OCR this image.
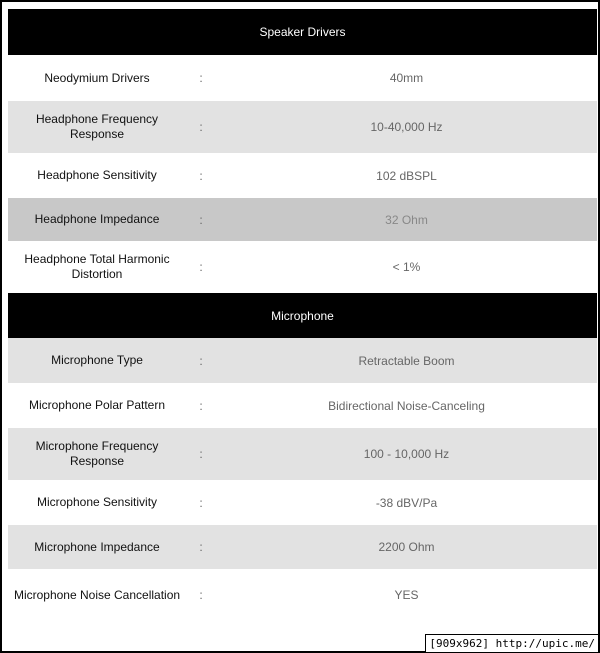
Speaker Drivers
Neodymium Drivers	:	40mm
Headphone Frequency Response	:	10-40,000 Hz
Headphone Sensitivity	:	102 dBSPL
Headphone Impedance	:	32 Ohm
Headphone Total Harmonic Distortion	:	< 1%
Microphone
Microphone Type	:	Retractable Boom
Microphone Polar Pattern	:	Bidirectional Noise-Canceling
Microphone Frequency Response	:	100 - 10,000 Hz
Microphone Sensitivity	:	-38 dBV/Pa
Microphone Impedance	:	2200 Ohm
Microphone Noise Cancellation	:	YES
[909x962] http://upic.me/
